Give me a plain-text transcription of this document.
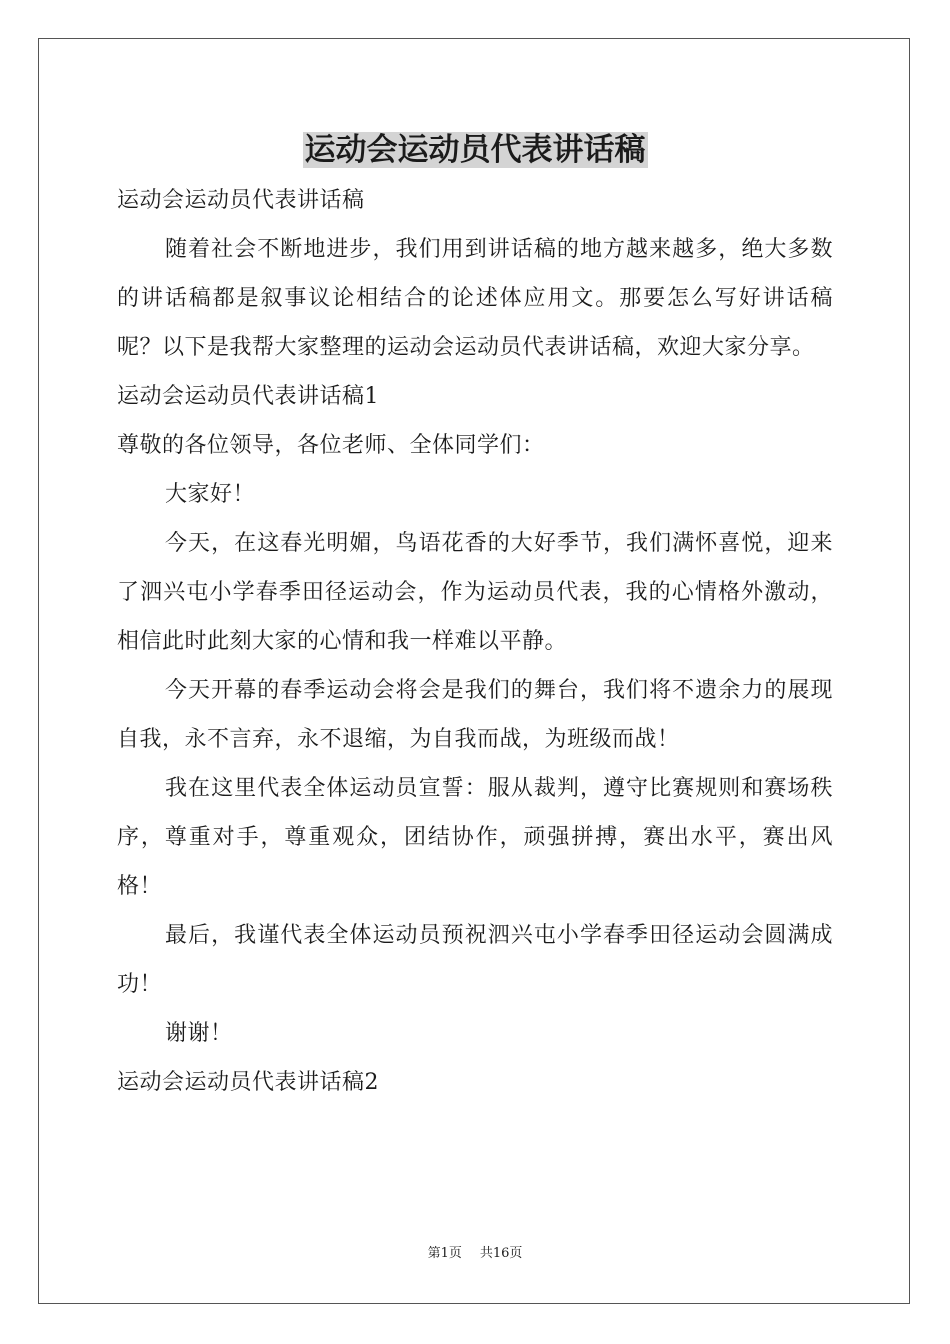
运动会运动员代表讲话稿

运动会运动员代表讲话稿

随着社会不断地进步，我们用到讲话稿的地方越来越多，绝大多数的讲话稿都是叙事议论相结合的论述体应用文。那要怎么写好讲话稿呢？以下是我帮大家整理的运动会运动员代表讲话稿，欢迎大家分享。

运动会运动员代表讲话稿1

尊敬的各位领导，各位老师、全体同学们：

大家好！

今天，在这春光明媚，鸟语花香的大好季节，我们满怀喜悦，迎来了泗兴屯小学春季田径运动会，作为运动员代表，我的心情格外激动，相信此时此刻大家的心情和我一样难以平静。

今天开幕的春季运动会将会是我们的舞台，我们将不遗余力的展现自我，永不言弃，永不退缩，为自我而战，为班级而战！

我在这里代表全体运动员宣誓：服从裁判，遵守比赛规则和赛场秩序，尊重对手，尊重观众，团结协作，顽强拼搏，赛出水平，赛出风格！

最后，我谨代表全体运动员预祝泗兴屯小学春季田径运动会圆满成功！

谢谢！

运动会运动员代表讲话稿2

第1页 共16页
